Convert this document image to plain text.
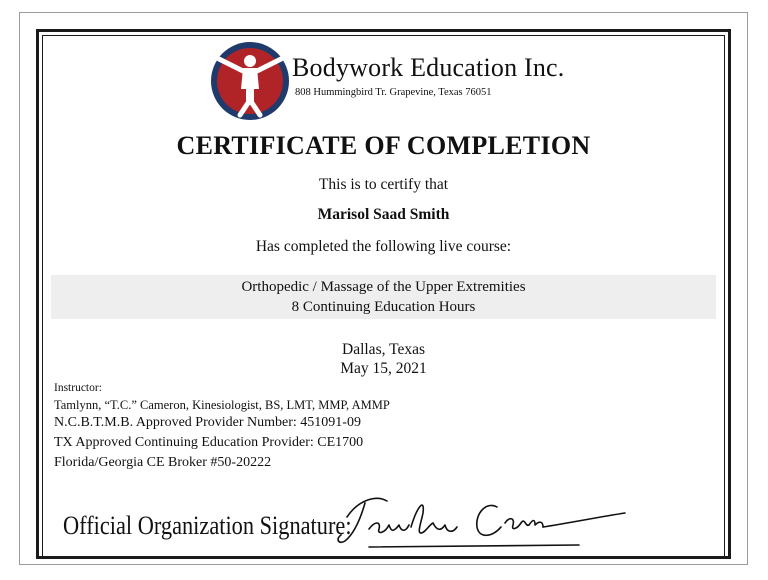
Bodywork Education Inc.
808 Hummingbird Tr. Grapevine, Texas 76051
CERTIFICATE OF COMPLETION
This is to certify that
Marisol Saad Smith
Has completed the following live course:
Orthopedic / Massage of the Upper Extremities
8 Continuing Education Hours
Dallas, Texas
May 15, 2021
Instructor:
Tamlynn, “T.C.” Cameron, Kinesiologist, BS, LMT, MMP, AMMP
N.C.B.T.M.B. Approved Provider Number: 451091-09
TX Approved Continuing Education Provider: CE1700
Florida/Georgia CE Broker #50-20222
Official Organization Signature:
